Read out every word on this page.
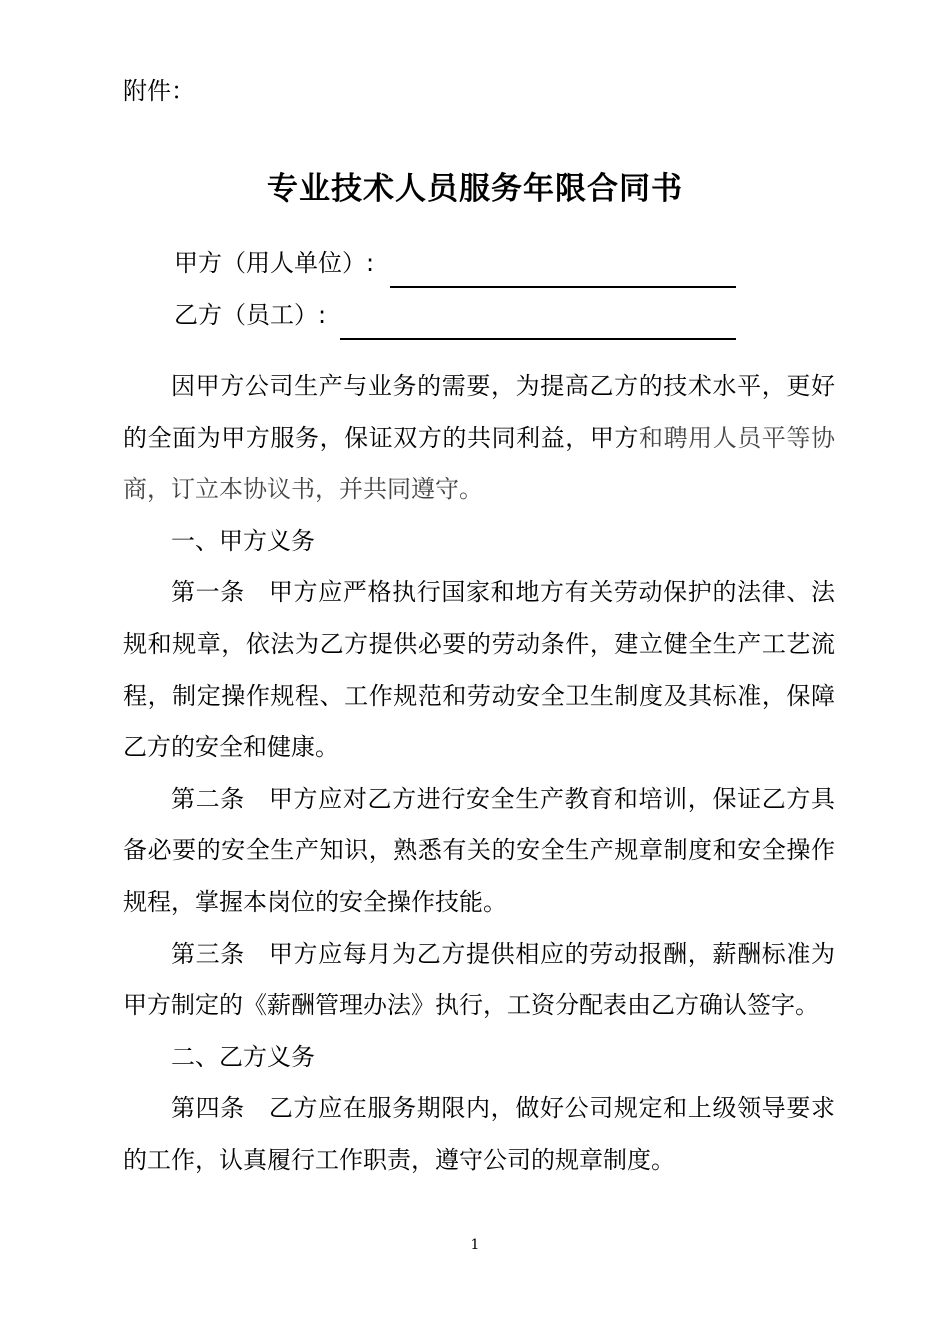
附件：
专业技术人员服务年限合同书
甲方（用人单位）:
乙方（员工）:

因甲方公司生产与业务的需要，为提高乙方的技术水平，更好的全面为甲方服务，保证双方的共同利益，甲方和聘用人员平等协商，订立本协议书，并共同遵守。

一、甲方义务

第一条 甲方应严格执行国家和地方有关劳动保护的法律、法规和规章，依法为乙方提供必要的劳动条件，建立健全生产工艺流程，制定操作规程、工作规范和劳动安全卫生制度及其标准，保障乙方的安全和健康。

第二条 甲方应对乙方进行安全生产教育和培训，保证乙方具备必要的安全生产知识，熟悉有关的安全生产规章制度和安全操作规程，掌握本岗位的安全操作技能。

第三条 甲方应每月为乙方提供相应的劳动报酬，薪酬标准为甲方制定的《薪酬管理办法》执行，工资分配表由乙方确认签字。

二、乙方义务

第四条 乙方应在服务期限内，做好公司规定和上级领导要求的工作，认真履行工作职责，遵守公司的规章制度。

1
